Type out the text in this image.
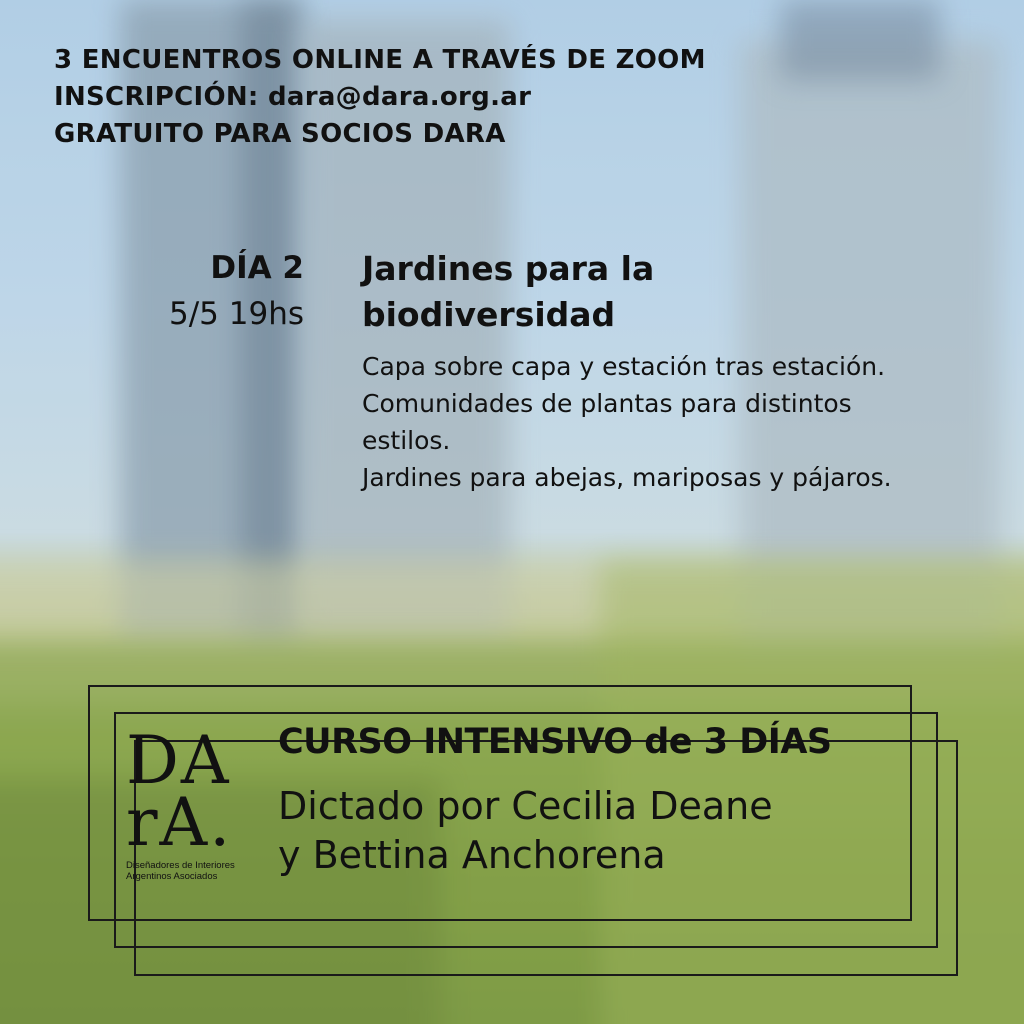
3 ENCUENTROS ONLINE A TRAVÉS DE ZOOM
INSCRIPCIÓN: dara@dara.org.ar
GRATUITO PARA SOCIOS DARA
DÍA 2
5/5 19hs
Jardines para la biodiversidad
Capa sobre capa y estación tras estación.
Comunidades de plantas para distintos estilos.
Jardines para abejas, mariposas y pájaros.
DA
rA.
Diseñadores de Interiores
Argentinos Asociados
CURSO INTENSIVO de 3 DÍAS
Dictado por Cecilia Deane
y Bettina Anchorena
